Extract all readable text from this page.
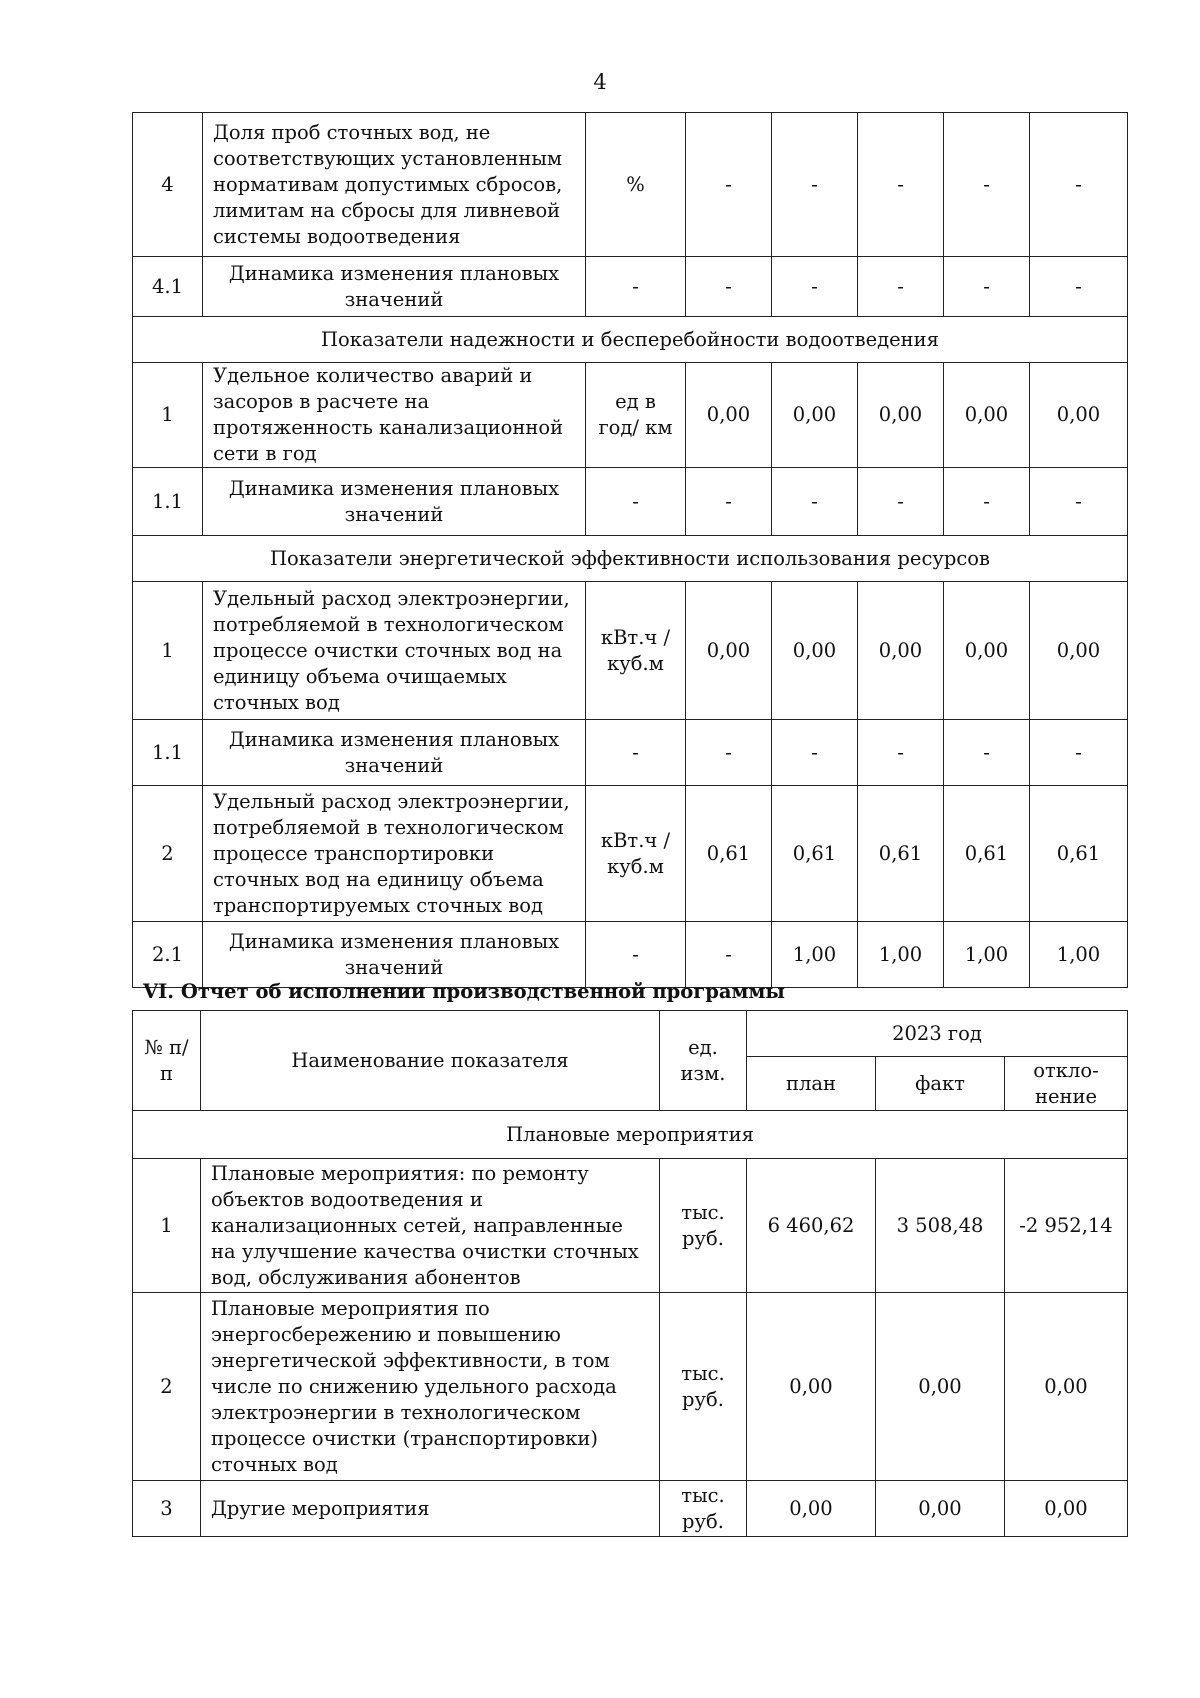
4
4	Доля проб сточных вод, не соответствующих установленным нормативам допустимых сбросов, лимитам на сбросы для ливневой системы водоотведения	%	-	-	-	-	-
4.1	Динамика изменения плановых значений	-	-	-	-	-	-
Показатели надежности и бесперебойности водоотведения							
1	Удельное количество аварий и засоров в расчете на протяженность канализационной сети в год	ед в год/ км	0,00	0,00	0,00	0,00	0,00
1.1	Динамика изменения плановых значений	-	-	-	-	-	-
Показатели энергетической эффективности использования ресурсов							
1	Удельный расход электроэнергии, потребляемой в технологическом процессе очистки сточных вод на единицу объема очищаемых сточных вод	кВт.ч / куб.м	0,00	0,00	0,00	0,00	0,00
1.1	Динамика изменения плановых значений	-	-	-	-	-	-
2	Удельный расход электроэнергии, потребляемой в технологическом процессе транспортировки сточных вод на единицу объема транспортируемых сточных вод	кВт.ч / куб.м	0,61	0,61	0,61	0,61	0,61
2.1	Динамика изменения плановых значений	-	-	1,00	1,00	1,00	1,00
VI. Отчет об исполнении производственной программы
№ п/п	Наименование показателя	ед. изм.	2023 год		
			план	факт	откло-нение
Плановые мероприятия					
1	Плановые мероприятия: по ремонту объектов водоотведения и канализационных сетей, направленные на улучшение качества очистки сточных вод, обслуживания абонентов	тыс. руб.	6 460,62	3 508,48	-2 952,14
2	Плановые мероприятия по энергосбережению и повышению энергетической эффективности, в том числе по снижению удельного расхода электроэнергии в технологическом процессе очистки (транспортировки) сточных вод	тыс. руб.	0,00	0,00	0,00
3	Другие мероприятия	тыс. руб.	0,00	0,00	0,00
